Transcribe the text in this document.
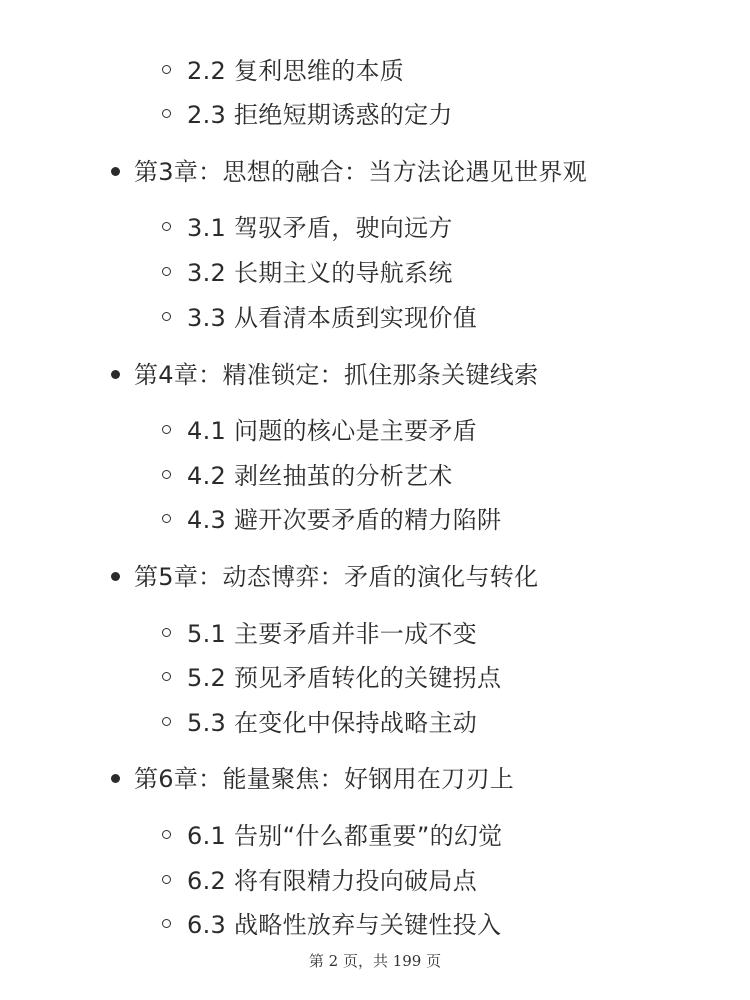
2.2 复利思维的本质
2.3 拒绝短期诱惑的定力
第3章：思想的融合：当方法论遇见世界观
3.1 驾驭矛盾，驶向远方
3.2 长期主义的导航系统
3.3 从看清本质到实现价值
第4章：精准锁定：抓住那条关键线索
4.1 问题的核心是主要矛盾
4.2 剥丝抽茧的分析艺术
4.3 避开次要矛盾的精力陷阱
第5章：动态博弈：矛盾的演化与转化
5.1 主要矛盾并非一成不变
5.2 预见矛盾转化的关键拐点
5.3 在变化中保持战略主动
第6章：能量聚焦：好钢用在刀刃上
6.1 告别“什么都重要”的幻觉
6.2 将有限精力投向破局点
6.3 战略性放弃与关键性投入
第 2 页，共 199 页
